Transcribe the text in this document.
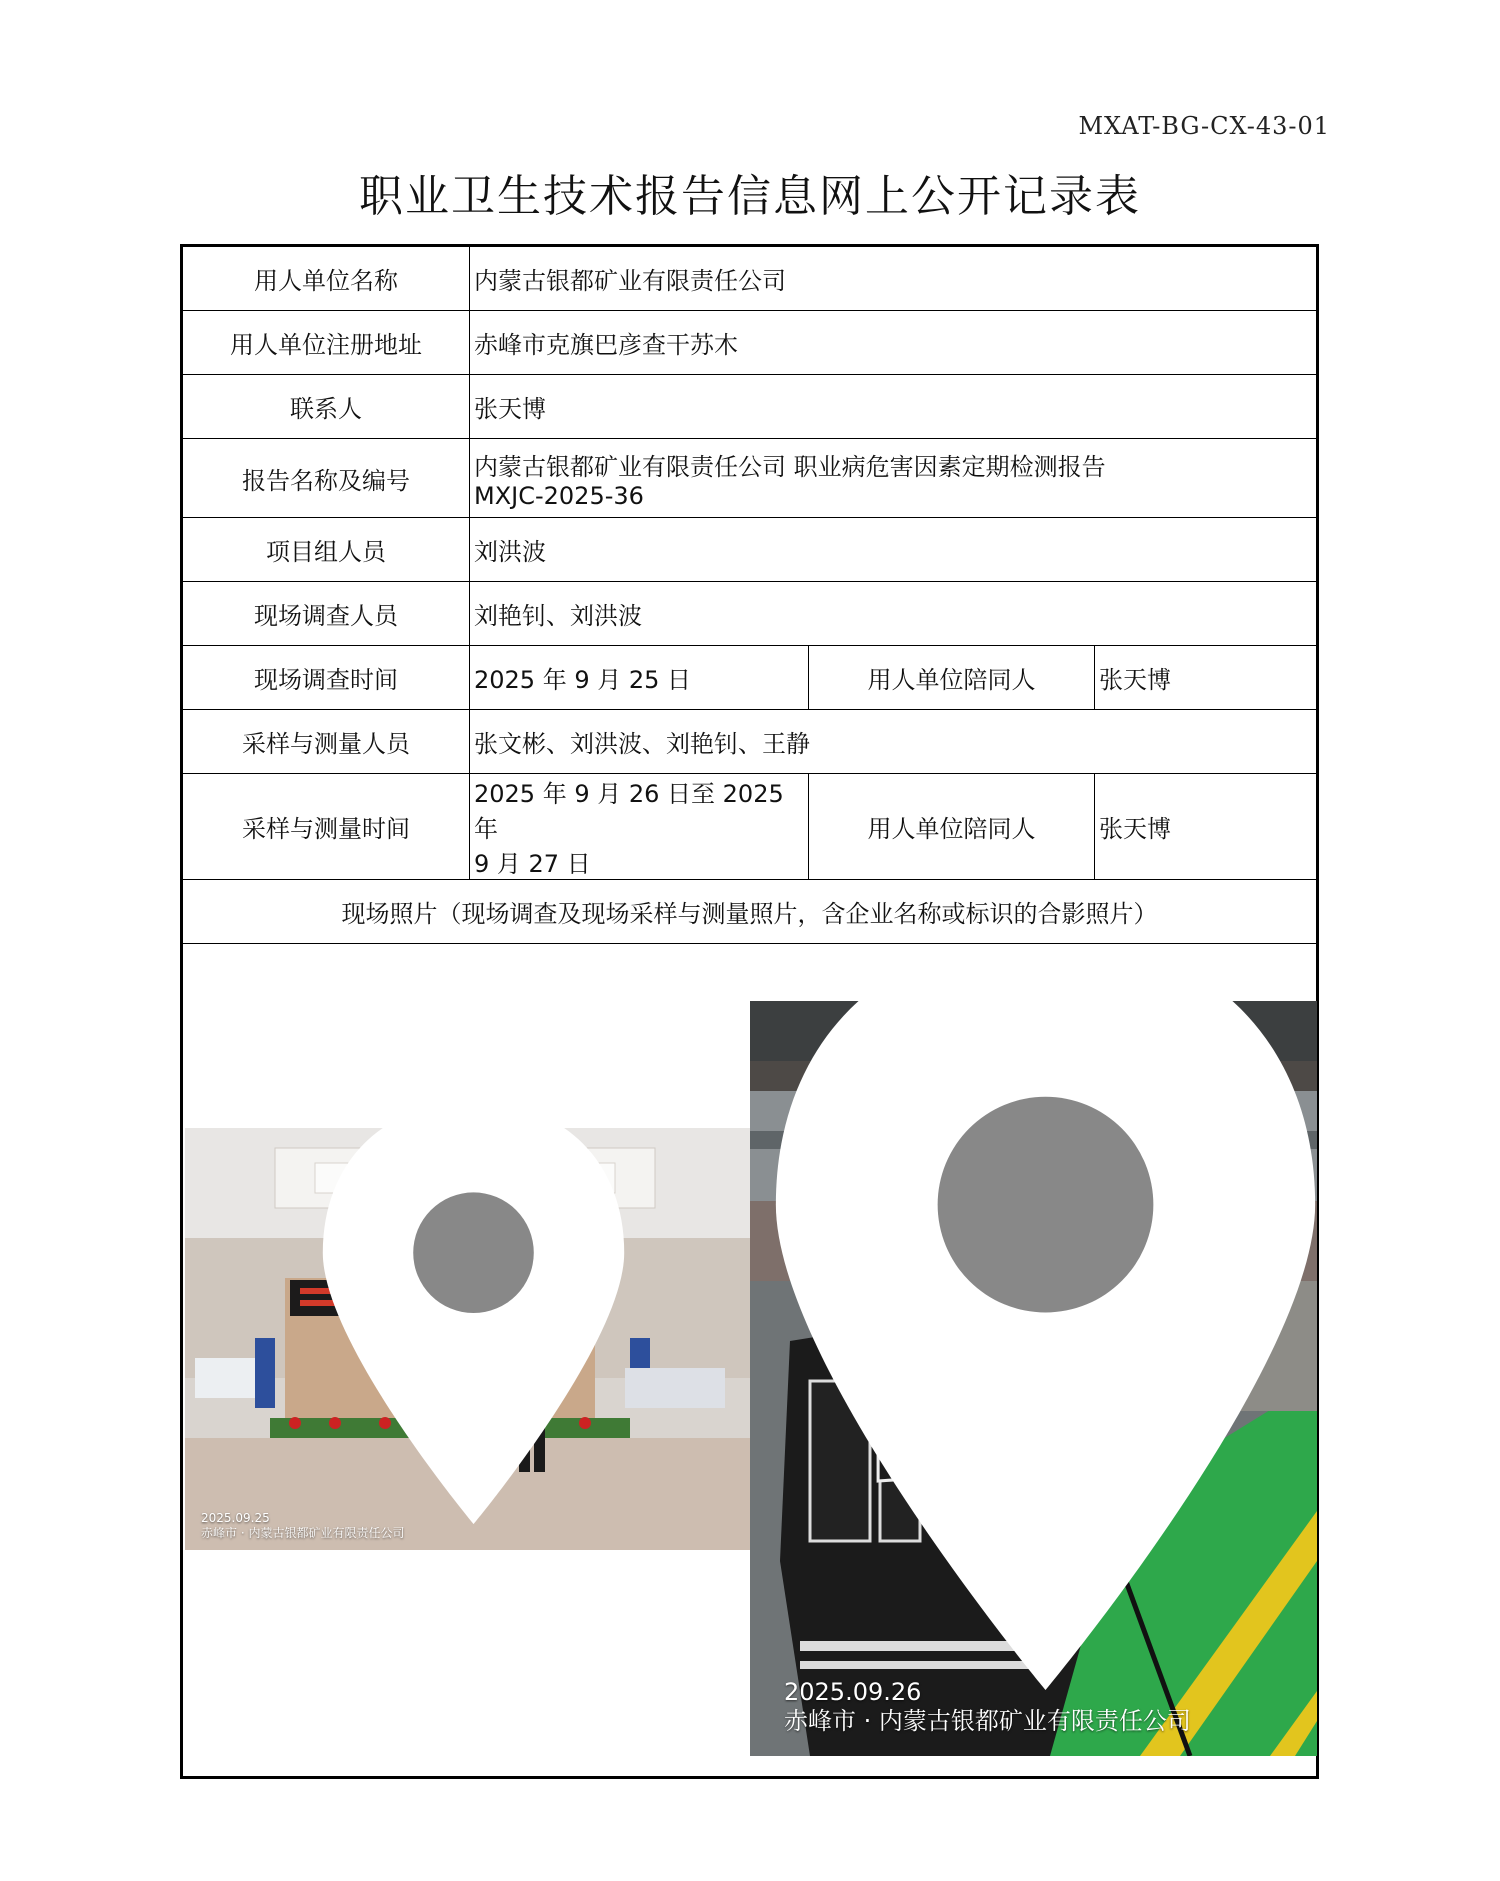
MXAT-BG-CX-43-01
职业卫生技术报告信息网上公开记录表
用人单位名称	内蒙古银都矿业有限责任公司		
用人单位注册地址	赤峰市克旗巴彦查干苏木		
联系人	张天博		
报告名称及编号	内蒙古银都矿业有限责任公司 职业病危害因素定期检测报告
MXJC-2025-36		

项目组人员	刘洪波		
现场调查人员	刘艳钊、刘洪波		
现场调查时间	2025 年 9 月 25 日	用人单位陪同人	张天博
采样与测量人员	张文彬、刘洪波、刘艳钊、王静		
采样与测量时间	2025 年 9 月 26 日至 2025 年
9 月 27 日	用人单位陪同人	张天博
现场照片（现场调查及现场采样与测量照片，含企业名称或标识的合影照片）			

2025.09.25
赤峰市 · 内蒙古银都矿业有限责任公司
2025.09.26
赤峰市 · 内蒙古银都矿业有限责任公司			
